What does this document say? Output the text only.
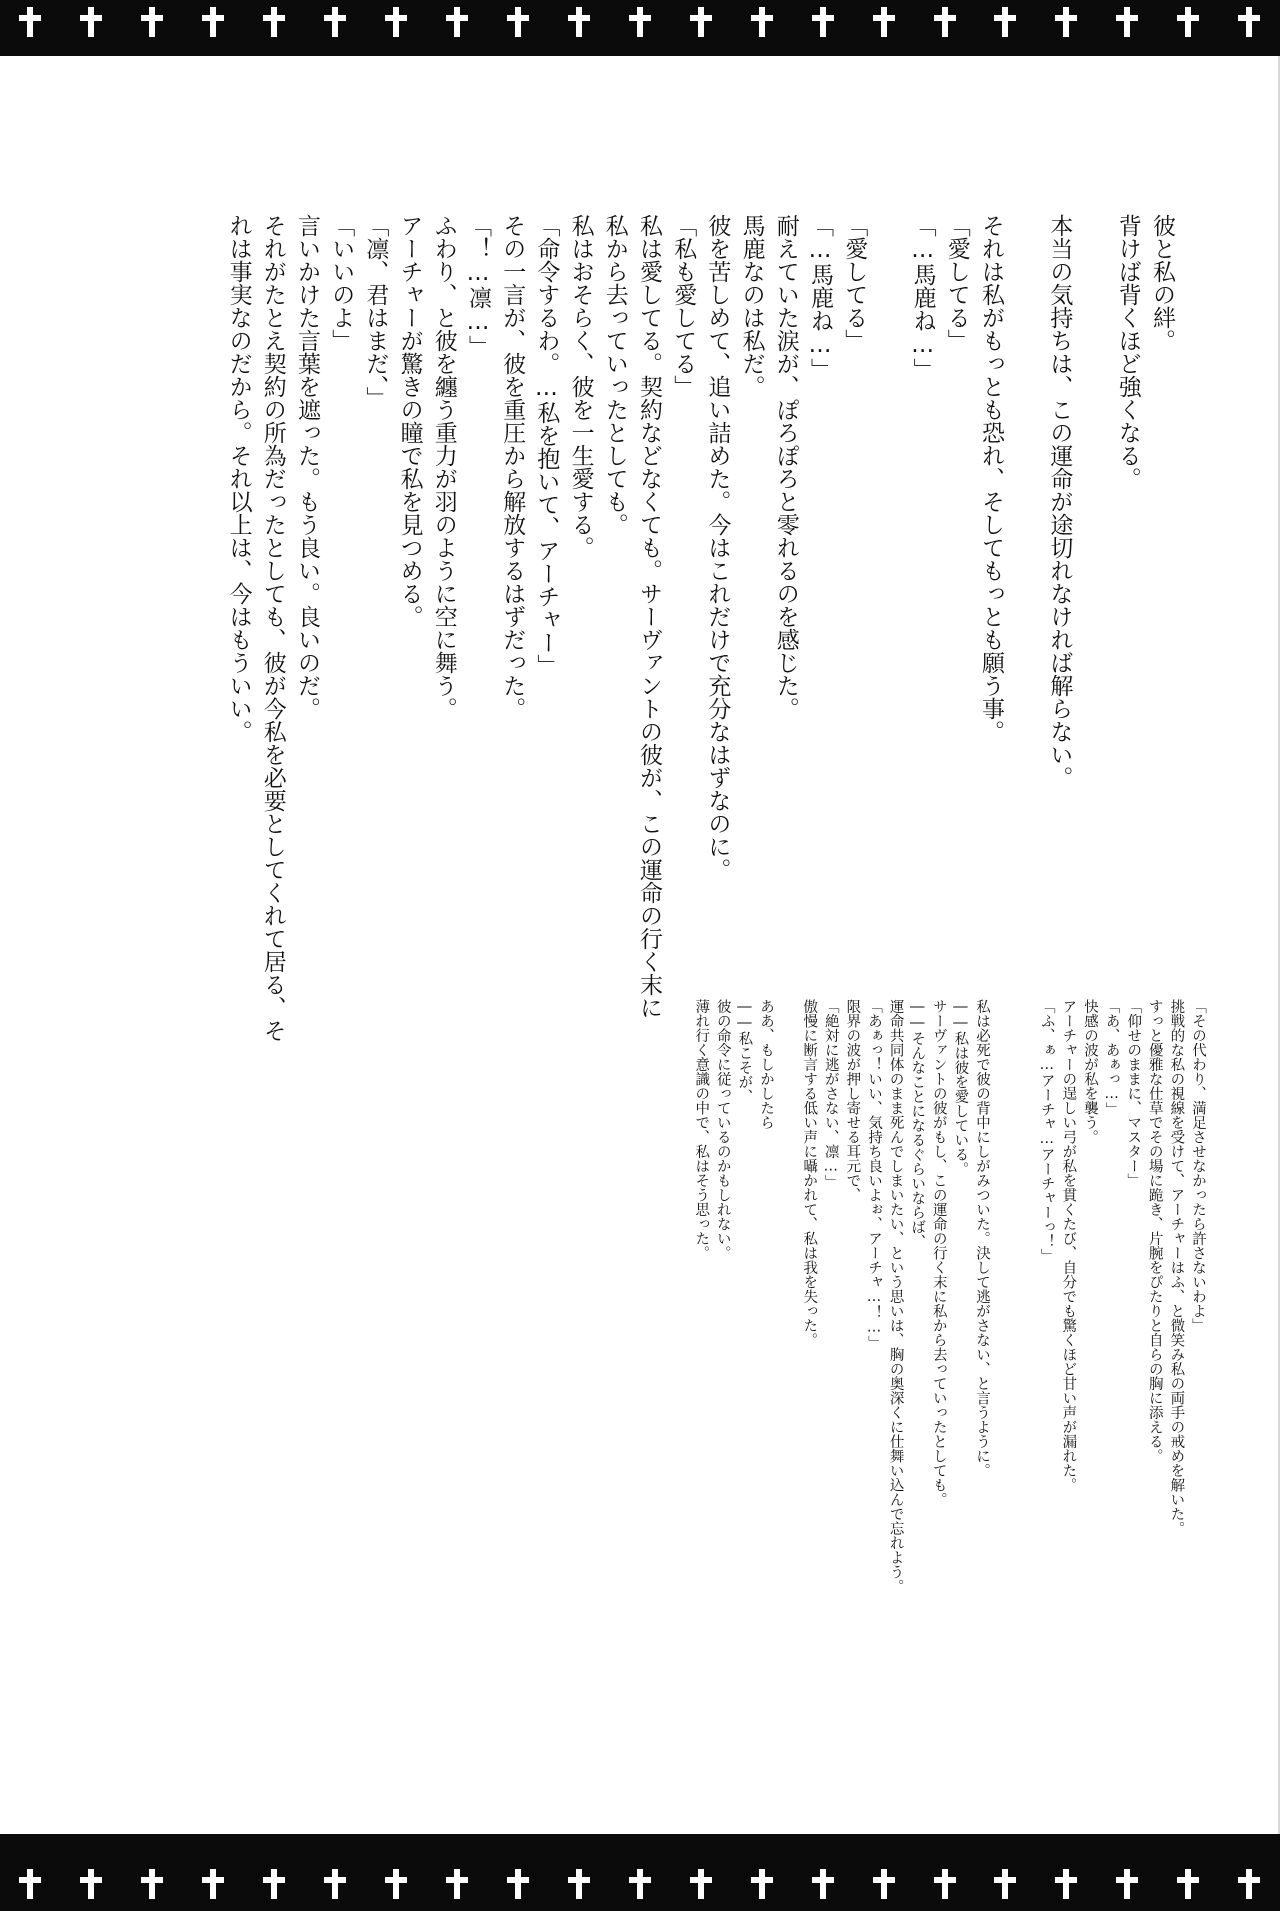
彼と私の絆。
背けば背くほど強くなる。
本当の気持ちは、この運命が途切れなければ解らない。
それは私がもっとも恐れ、そしてもっとも願う事。
「愛してる」
「…馬鹿ね…」
「愛してる」
「…馬鹿ね…」
耐えていた涙が、ぽろぽろと零れるのを感じた。
馬鹿なのは私だ。
彼を苦しめて、追い詰めた。今はこれだけで充分なはずなのに。
「私も愛してる」
私は愛してる。契約などなくても。サーヴァントの彼が、この運命の行く末に
私から去っていったとしても。
私はおそらく、彼を一生愛する。
「命令するわ。…私を抱いて、アーチャー」
その一言が、彼を重圧から解放するはずだった。
「！…凛…」
ふわり、と彼を纏う重力が羽のように空に舞う。
アーチャーが驚きの瞳で私を見つめる。
「凛、君はまだ、」
「いいのよ」
言いかけた言葉を遮った。もう良い。良いのだ。
それがたとえ契約の所為だったとしても、彼が今私を必要としてくれて居る、そ
れは事実なのだから。それ以上は、今はもういい。
「その代わり、満足させなかったら許さないわよ」
挑戦的な私の視線を受けて、アーチャーはふ、と微笑み私の両手の戒めを解いた。
すっと優雅な仕草でその場に跪き、片腕をぴたりと自らの胸に添える。
「仰せのままに、マスター」
「あ、あぁっ…」
快感の波が私を襲う。
アーチャーの逞しい弓が私を貫くたび、自分でも驚くほど甘い声が漏れた。
「ふ、ぁ…アーチャ…アーチャーっ！」
私は必死で彼の背中にしがみついた。決して逃がさない、と言うように。
――私は彼を愛している。
サーヴァントの彼がもし、この運命の行く末に私から去っていったとしても。
――そんなことになるぐらいならば、
運命共同体のまま死んでしまいたい、という思いは、胸の奥深くに仕舞い込んで忘れよう。
「あぁっ！いい、気持ち良いよぉ、アーチャ…！…」
限界の波が押し寄せる耳元で、
「絶対に逃がさない、凛…」
傲慢に断言する低い声に囁かれて、私は我を失った。
ああ、もしかしたら
――私こそが、
彼の命令に従っているのかもしれない。
薄れ行く意識の中で、私はそう思った。
